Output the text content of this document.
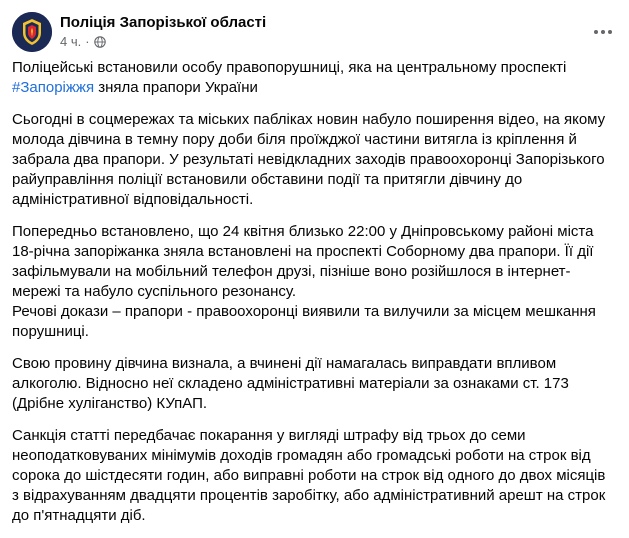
Поліція Запорізької області
4 ч. ·

Поліцейські встановили особу правопорушниці, яка на центральному проспекті #Запоріжжя зняла прапори України

Сьогодні в соцмережах та міських пабліках новин набуло поширення відео, на якому молода дівчина в темну пору доби біля проїжджої частини витягла із кріплення й забрала два прапори. У результаті невідкладних заходів правоохоронці Запорізького райуправління поліції встановили обставини події та притягли дівчину до адміністративної відповідальності.

Попередньо встановлено, що 24 квітня близько 22:00 у Дніпровському районі міста 18-річна запоріжанка зняла встановлені на проспекті Соборному два прапори. Її дії зафільмували на мобільний телефон друзі, пізніше воно розійшлося в інтернет-мережі та набуло суспільного резонансу.

Речові докази – прапори - правоохоронці виявили та вилучили за місцем мешкання порушниці.

Свою провину дівчина визнала, а вчинені дії намагалась виправдати впливом алкоголю. Відносно неї складено адміністративні матеріали за ознаками ст. 173 (Дрібне хуліганство) КУпАП.

Санкція статті передбачає покарання у вигляді штрафу від трьох до семи неоподатковуваних мінімумів доходів громадян або громадські роботи на строк від сорока до шістдесяти годин, або виправні роботи на строк від одного до двох місяців з відрахуванням двадцяти процентів заробітку, або адміністративний арешт на строк до п'ятнадцяти діб.
